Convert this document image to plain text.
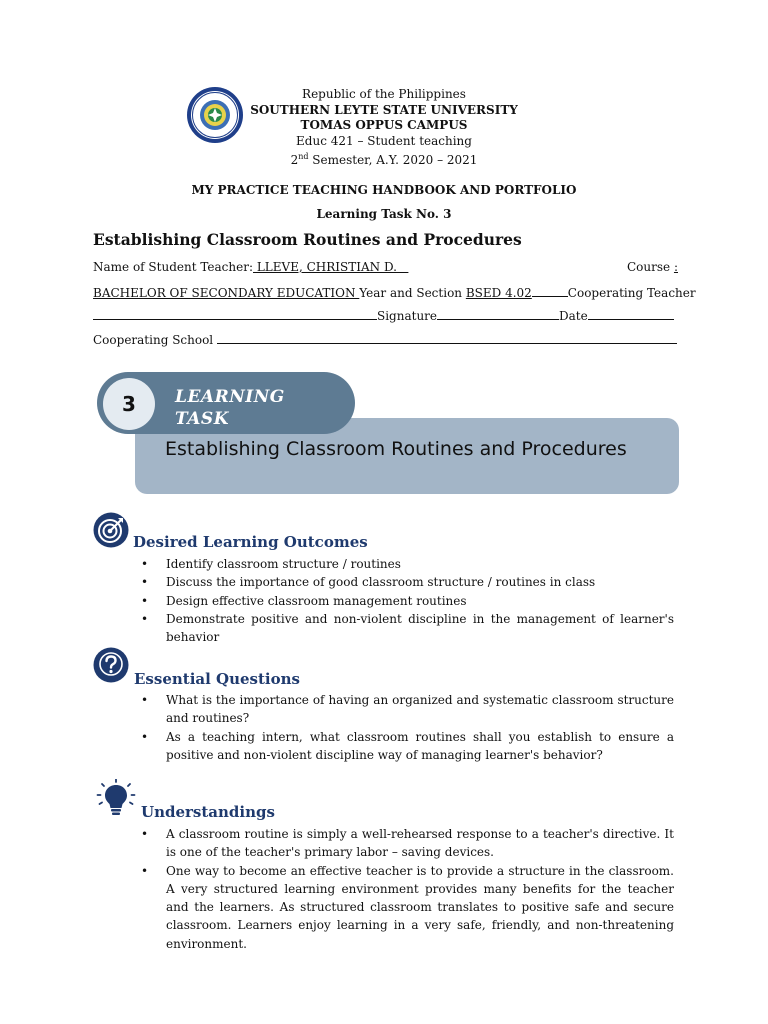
Republic of the Philippines
SOUTHERN LEYTE STATE UNIVERSITY
TOMAS OPPUS CAMPUS
Educ 421 – Student teaching
2nd Semester, A.Y. 2020 – 2021
MY PRACTICE TEACHING HANDBOOK AND PORTFOLIO
Learning Task No. 3
Establishing Classroom Routines and Procedures
Name of Student Teacher: LLEVE, CHRISTIAN D.	Course :
BACHELOR OF SECONDARY EDUCATION Year and Section BSED 4.02	Cooperating Teacher
Signature	Date
Cooperating School
3	LEARNING TASK
Establishing Classroom Routines and Procedures
Desired Learning Outcomes
• Identify classroom structure / routines
• Discuss the importance of good classroom structure / routines in class
• Design effective classroom management routines
• Demonstrate positive and non-violent discipline in the management of learner's behavior
Essential Questions
• What is the importance of having an organized and systematic classroom structure and routines?
• As a teaching intern, what classroom routines shall you establish to ensure a positive and non-violent discipline way of managing learner's behavior?
Understandings
• A classroom routine is simply a well-rehearsed response to a teacher's directive. It is one of the teacher's primary labor – saving devices.
• One way to become an effective teacher is to provide a structure in the classroom. A very structured learning environment provides many benefits for the teacher and the learners. As structured classroom translates to positive safe and secure classroom. Learners enjoy learning in a very safe, friendly, and non-threatening environment.
